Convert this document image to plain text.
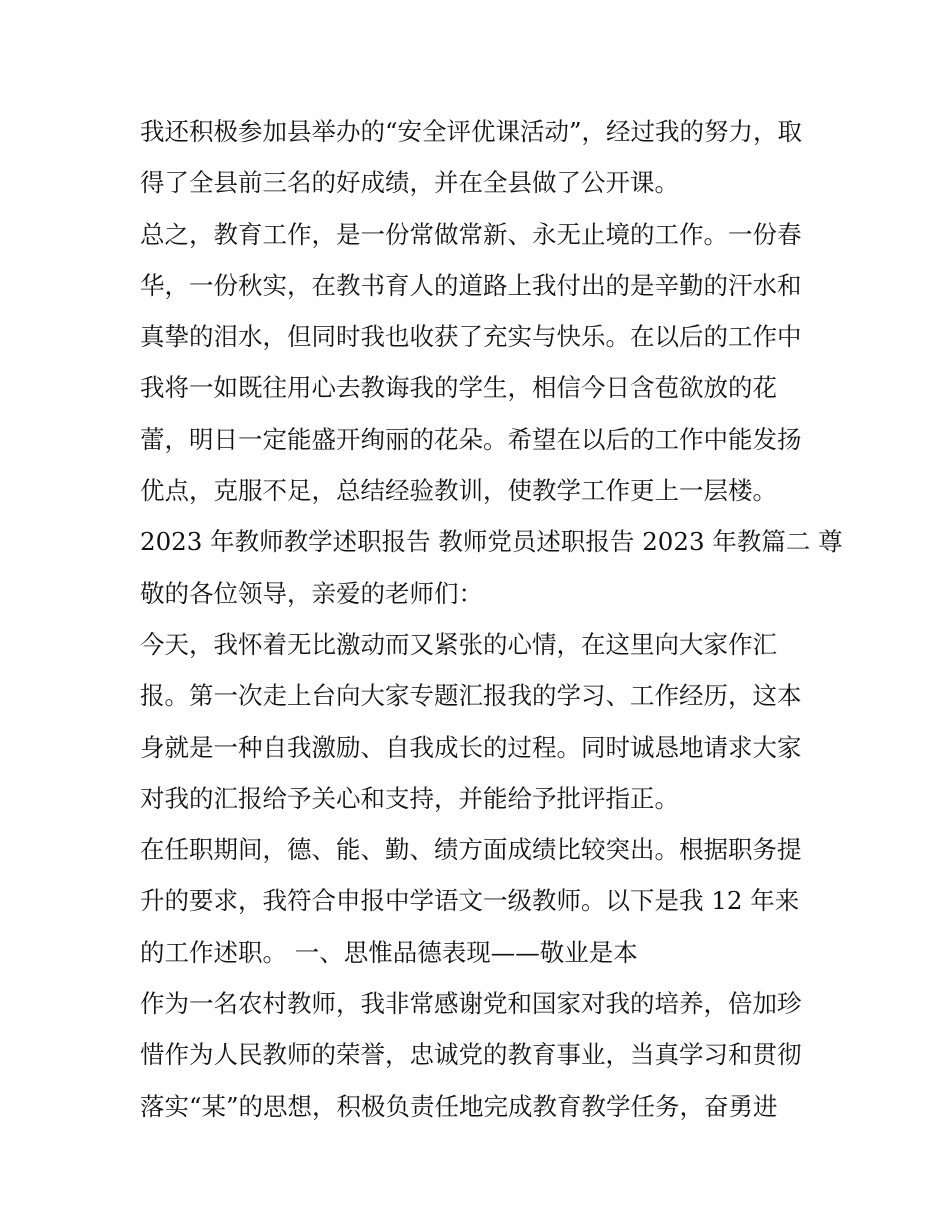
我还积极参加县举办的“安全评优课活动”，经过我的努力，取
得了全县前三名的好成绩，并在全县做了公开课。
总之，教育工作，是一份常做常新、永无止境的工作。一份春
华，一份秋实，在教书育人的道路上我付出的是辛勤的汗水和
真挚的泪水，但同时我也收获了充实与快乐。在以后的工作中
我将一如既往用心去教诲我的学生，相信今日含苞欲放的花
蕾，明日一定能盛开绚丽的花朵。希望在以后的工作中能发扬
优点，克服不足，总结经验教训，使教学工作更上一层楼。
2023 年教师教学述职报告 教师党员述职报告 2023 年教篇二 尊
敬的各位领导，亲爱的老师们：
今天，我怀着无比激动而又紧张的心情，在这里向大家作汇
报。第一次走上台向大家专题汇报我的学习、工作经历，这本
身就是一种自我激励、自我成长的过程。同时诚恳地请求大家
对我的汇报给予关心和支持，并能给予批评指正。
在任职期间，德、能、勤、绩方面成绩比较突出。根据职务提
升的要求，我符合申报中学语文一级教师。以下是我 12 年来
的工作述职。 一、思惟品德表现——敬业是本
作为一名农村教师，我非常感谢党和国家对我的培养，倍加珍
惜作为人民教师的荣誉，忠诚党的教育事业，当真学习和贯彻
落实“某”的思想，积极负责任地完成教育教学任务，奋勇进
